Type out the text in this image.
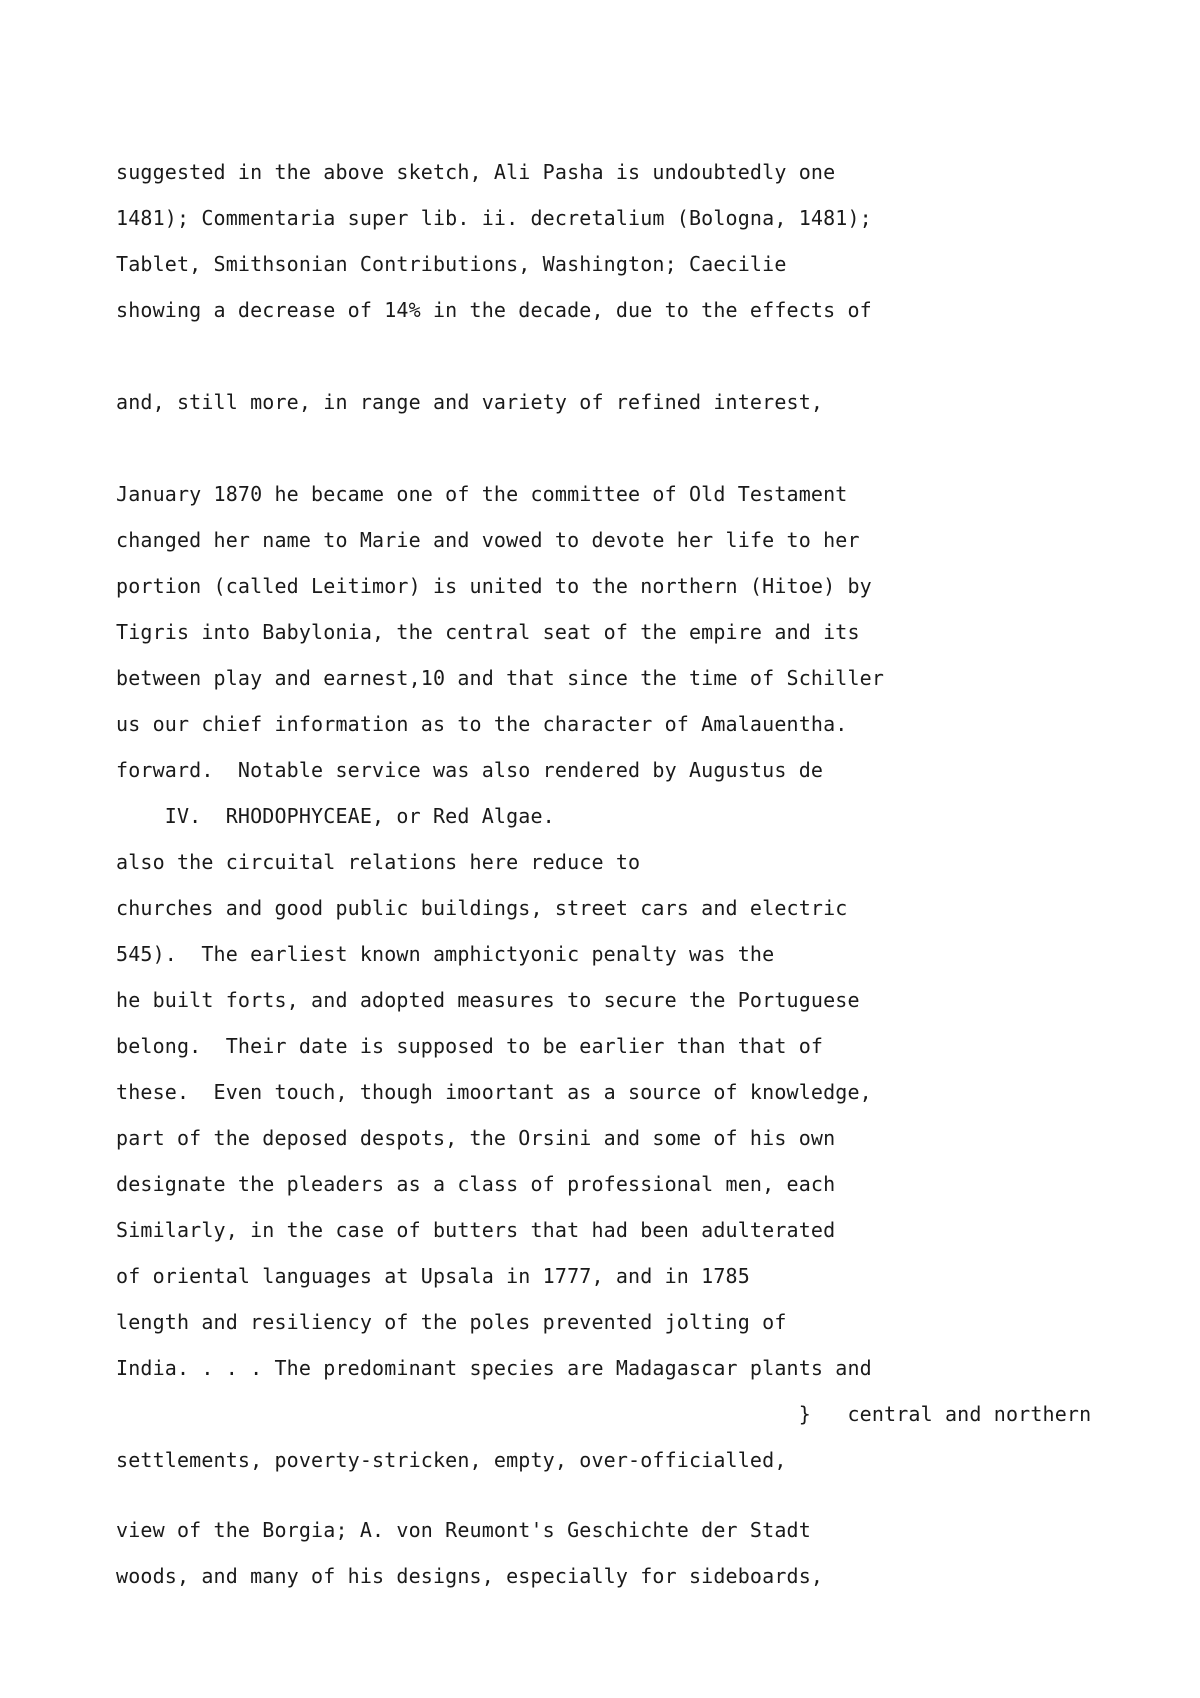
suggested in the above sketch, Ali Pasha is undoubtedly one

1481); Commentaria super lib. ii. decretalium (Bologna, 1481);

Tablet, Smithsonian Contributions, Washington; Caecilie

showing a decrease of 14% in the decade, due to the effects of

and, still more, in range and variety of refined interest,

January 1870 he became one of the committee of Old Testament

changed her name to Marie and vowed to devote her life to her

portion (called Leitimor) is united to the northern (Hitoe) by

Tigris into Babylonia, the central seat of the empire and its

between play and earnest,10 and that since the time of Schiller

us our chief information as to the character of Amalauentha.

forward.  Notable service was also rendered by Augustus de

IV.  RHODOPHYCEAE, or Red Algae.

also the circuital relations here reduce to

churches and good public buildings, street cars and electric

545).  The earliest known amphictyonic penalty was the

he built forts, and adopted measures to secure the Portuguese

belong.  Their date is supposed to be earlier than that of

these.  Even touch, though imoortant as a source of knowledge,

part of the deposed despots, the Orsini and some of his own

designate the pleaders as a class of professional men, each

Similarly, in the case of butters that had been adulterated

of oriental languages at Upsala in 1777, and in 1785

length and resiliency of the poles prevented jolting of

India. . . . The predominant species are Madagascar plants and

}   central and northern

settlements, poverty-stricken, empty, over-officialled,

view of the Borgia; A. von Reumont's Geschichte der Stadt

woods, and many of his designs, especially for sideboards,
